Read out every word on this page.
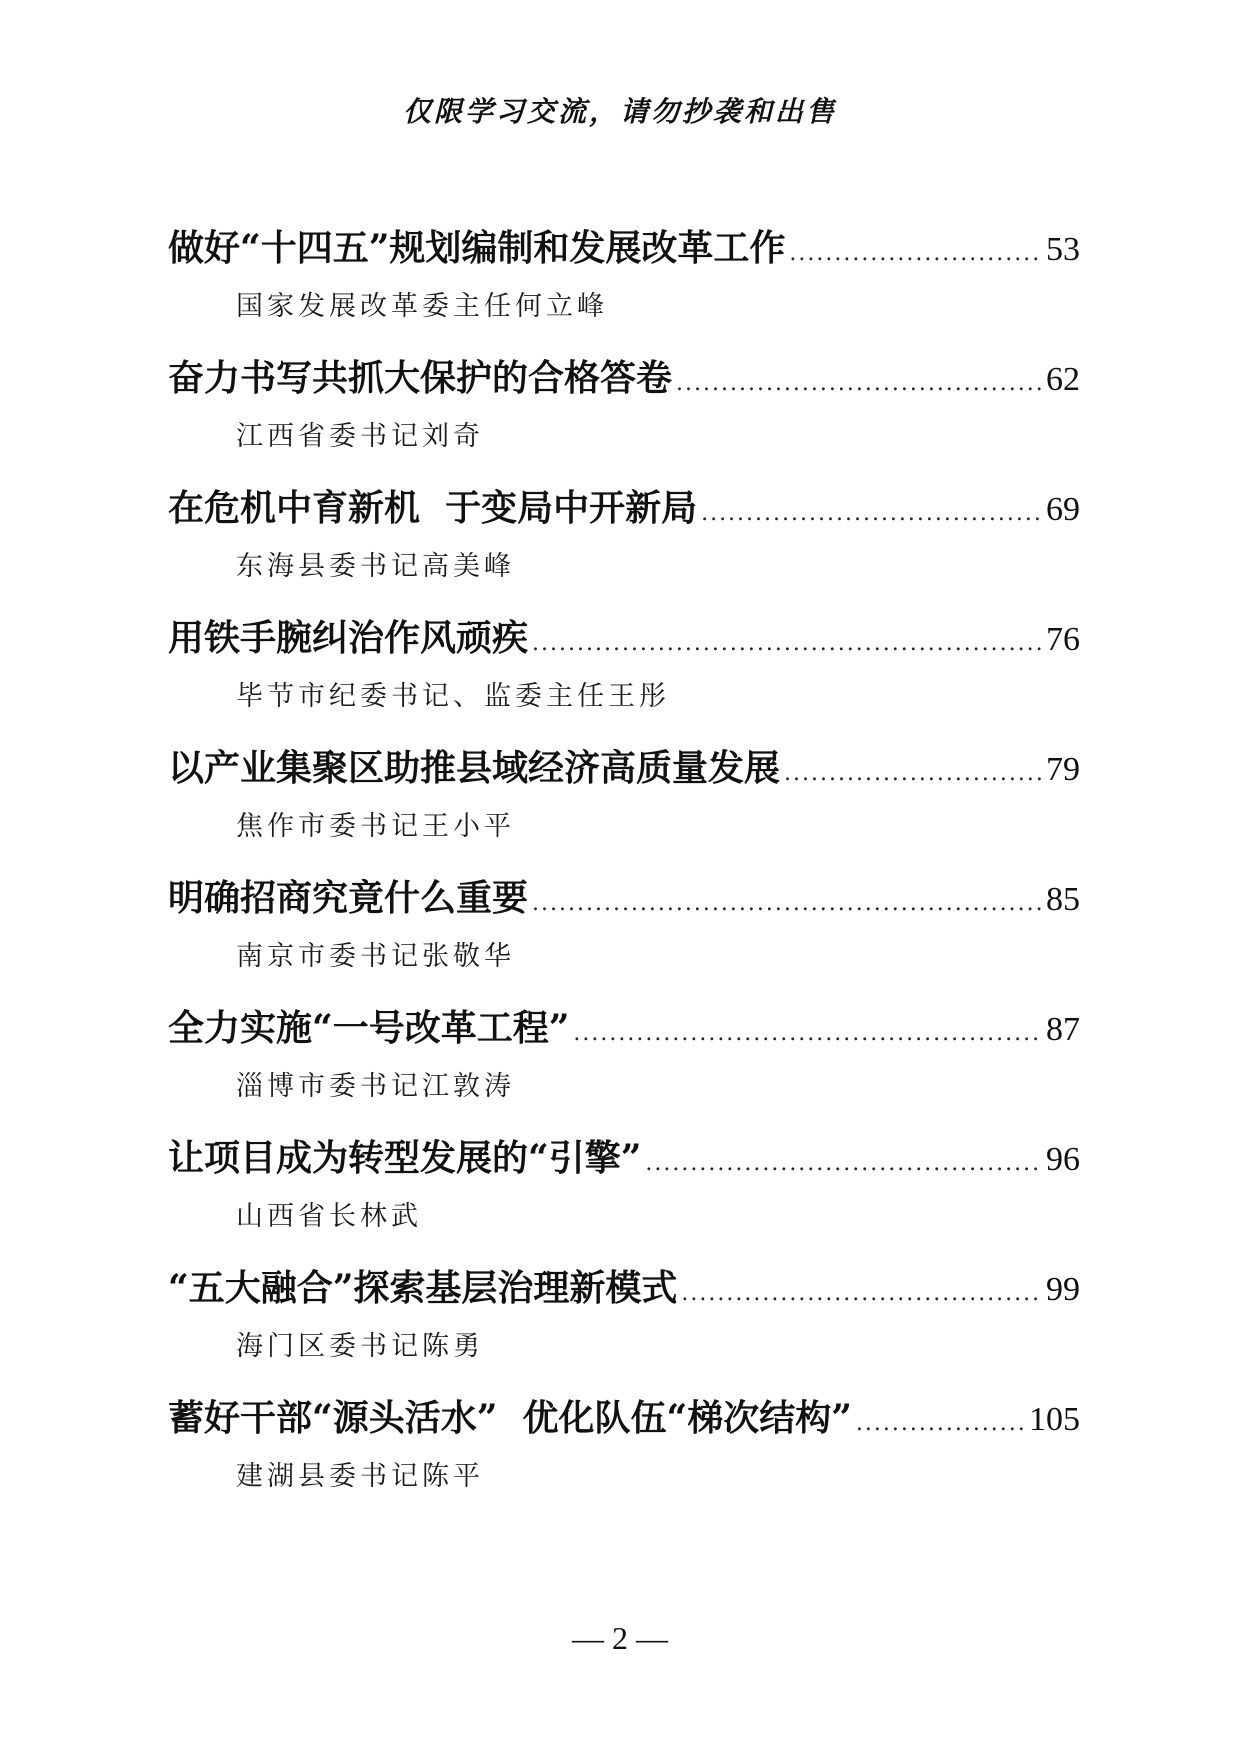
仅限学习交流，请勿抄袭和出售
做好“十四五”规划编制和发展改革工作 .....	53
国家发展改革委主任何立峰
奋力书写共抓大保护的合格答卷 .....	62
江西省委书记刘奇
在危机中育新机  于变局中开新局 .....	69
东海县委书记高美峰
用铁手腕纠治作风顽疾 .....	76
毕节市纪委书记、监委主任王彤
以产业集聚区助推县域经济高质量发展 .....	79
焦作市委书记王小平
明确招商究竟什么重要 .....	85
南京市委书记张敬华
全力实施“一号改革工程” .....	87
淄博市委书记江敦涛
让项目成为转型发展的“引擎” .....	96
山西省长林武
“五大融合”探索基层治理新模式 .....	99
海门区委书记陈勇
蓄好干部“源头活水”  优化队伍“梯次结构” .....	105
建湖县委书记陈平
— 2 —
